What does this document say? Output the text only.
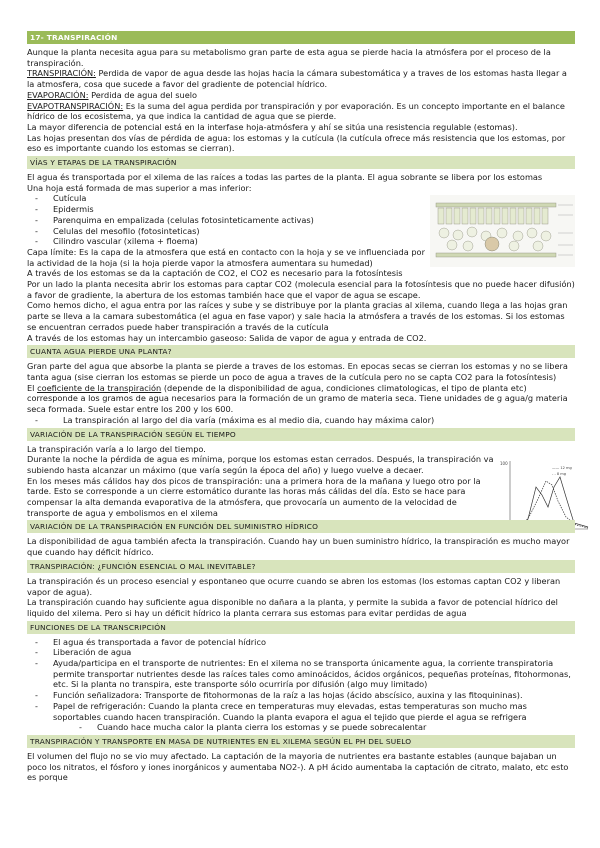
100
—— 12 mg
- - 8 mg
17- TRANSPIRACIÓN

Aunque la planta necesita agua para su metabolismo gran parte de esta agua se pierde hacia la atmósfera por el proceso de la transpiración.

TRANSPIRACIÓN: Perdida de vapor de agua desde las hojas hacia la cámara subestomática y a traves de los estomas hasta llegar a la atmosfera, cosa que sucede a favor del gradiente de potencial hídrico.

EVAPORACIÓN: Perdida de agua del suelo

EVAPOTRANSPIRACIÓN: Es la suma del agua perdida por transpiración y por evaporación. Es un concepto importante en el balance hídrico de los ecosistema, ya que indica la cantidad de agua que se pierde.

La mayor diferencia de potencial está en la interfase hoja-atmósfera y ahí se sitúa una resistencia regulable (estomas).

Las hojas presentan dos vías de pérdida de agua: los estomas y la cutícula (la cutícula ofrece más resistencia que los estomas, por eso es importante cuando los estomas se cierran).

VÍAS Y ETAPAS DE LA TRANSPIRACIÓN

El agua és transportada por el xilema de las raíces a todas las partes de la planta. El agua sobrante se libera por los estomas

Una hoja está formada de mas superior a mas inferior:

- Cutícula
- Epidermis
- Parenquima en empalizada (celulas fotosinteticamente activas)
- Celulas del mesofilo (fotosinteticas)
- Cilindro vascular (xilema + floema)

Capa límite: Es la capa de la atmosfera que está en contacto con la hoja y se ve influenciada por la actividad de la hoja (si la hoja pierde vapor la atmosfera aumentara su humedad)

A través de los estomas se da la captación de CO2, el CO2 es necesario para la fotosíntesis

Por un lado la planta necesita abrir los estomas para captar CO2 (molecula esencial para la fotosíntesis que no puede hacer difusión) a favor de gradiente, la abertura de los estomas también hace que el vapor de agua se escape.

Como hemos dicho, el agua entra por las raíces y sube y se distribuye por la planta gracias al xilema, cuando llega a las hojas gran parte se lleva a la camara subestomática (el agua en fase vapor) y sale hacia la atmósfera a través de los estomas. Si los estomas se encuentran cerrados puede haber transpiración a través de la cutícula

A través de los estomas hay un intercambio gaseoso: Salida de vapor de agua y entrada de CO2.

CUANTA AGUA PIERDE UNA PLANTA?

Gran parte del agua que absorbe la planta se pierde a traves de los estomas. En epocas secas se cierran los estomas y no se libera tanta agua (sise cierran los estomas se pierde un poco de agua a traves de la cutícula pero no se capta CO2 para la fotosíntesis)

El coeficiente de la transpiración (depende de la disponibilidad de agua, condiciones climatologicas, el tipo de planta etc) corresponde a los gramos de agua necesarios para la formación de un gramo de materia seca. Tiene unidades de g agua/g materia seca formada. Suele estar entre los 200 y los 600.

- La transpiración al largo del dia varía (máxima es al medio dia, cuando hay máxima calor)
VARIACIÓN DE LA TRANSPIRACIÓN SEGÚN EL TIEMPO

La transpiración varía a lo largo del tiempo.

Durante la noche la pérdida de agua es mínima, porque los estomas estan cerrados. Después, la transpiración va subiendo hasta alcanzar un máximo (que varía según la época del año) y luego vuelve a decaer.

En los meses más cálidos hay dos picos de transpiración: una a primera hora de la mañana y luego otro por la tarde. Esto se corresponde a un cierre estomático durante las horas más cálidas del día. Esto se hace para compensar la alta demanda evaporativa de la atmósfera, que provocaría un aumento de la velocidad de transporte de agua y embolismos en el xilema

VARIACIÓN DE LA TRANSPIRACIÓN EN FUNCIÓN DEL SUMINISTRO HÍDRICO

La disponibilidad de agua también afecta la transpiración. Cuando hay un buen suministro hídrico, la transpiración es mucho mayor que cuando hay déficit hídrico.

TRANSPIRACIÓN: ¿FUNCIÓN ESENCIAL O MAL INEVITABLE?

La transpiración és un proceso esencial y espontaneo que ocurre cuando se abren los estomas (los estomas captan CO2 y liberan vapor de agua).

La transpiración cuando hay suficiente agua disponible no dañara a la planta, y permite la subida a favor de potencial hídrico del liquido del xilema. Pero si hay un déficit hídrico la planta cerrara sus estomas para evitar perdidas de agua

FUNCIONES DE LA TRANSCRIPCIÓN
- El agua és transportada a favor de potencial hídrico
- Liberación de agua
- Ayuda/participa en el transporte de nutrientes: En el xilema no se transporta únicamente agua, la corriente transpiratoria permite transportar nutrientes desde las raíces tales como aminoácidos, ácidos orgánicos, pequeñas proteínas, fitohormonas, etc. Si la planta no transpira, este transporte sólo ocurriría por difusión (algo muy limitado)
- Función señalizadora: Transporte de fitohormonas de la raíz a las hojas (ácido abscísico, auxina y las fitoquininas).
- Papel de refrigeración: Cuando la planta crece en temperaturas muy elevadas, estas temperaturas son mucho mas soportables cuando hacen transpiración. Cuando la planta evapora el agua el tejido que pierde el agua se refrigera
- Cuando hace mucha calor la planta cierra los estomas y se puede sobrecalentar
TRANSPIRACIÓN Y TRANSPORTE EN MASA DE NUTRIENTES EN EL XILEMA SEGÚN EL PH DEL SUELO

El volumen del flujo no se vio muy afectado. La captación de la mayoria de nutrientes era bastante estables (aunque bajaban un poco los nitratos, el fósforo y iones inorgánicos y aumentaba NO2-). A pH ácido aumentaba la captación de citrato, malato, etc esto es porque
